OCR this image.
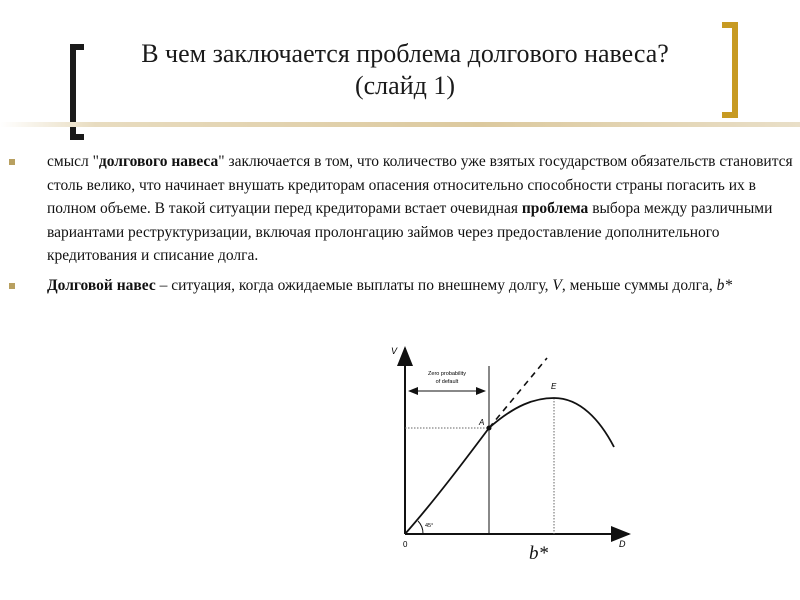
В чем заключается проблема долгового навеса? (слайд 1)
смысл "долгового навеса" заключается в том, что количество уже взятых государством обязательств становится столь велико, что начинает внушать кредиторам опасения относительно способности страны погасить их в полном объеме. В такой ситуации перед кредиторами встает очевидная проблема выбора между различными вариантами реструктуризации, включая пролонгацию займов через предоставление дополнительного кредитования и списание долга.
Долговой навес – ситуация, когда ожидаемые выплаты по внешнему долгу, V, меньше суммы долга, b*
V
D
0
Zero probability
of default
A
E
45°
b*
